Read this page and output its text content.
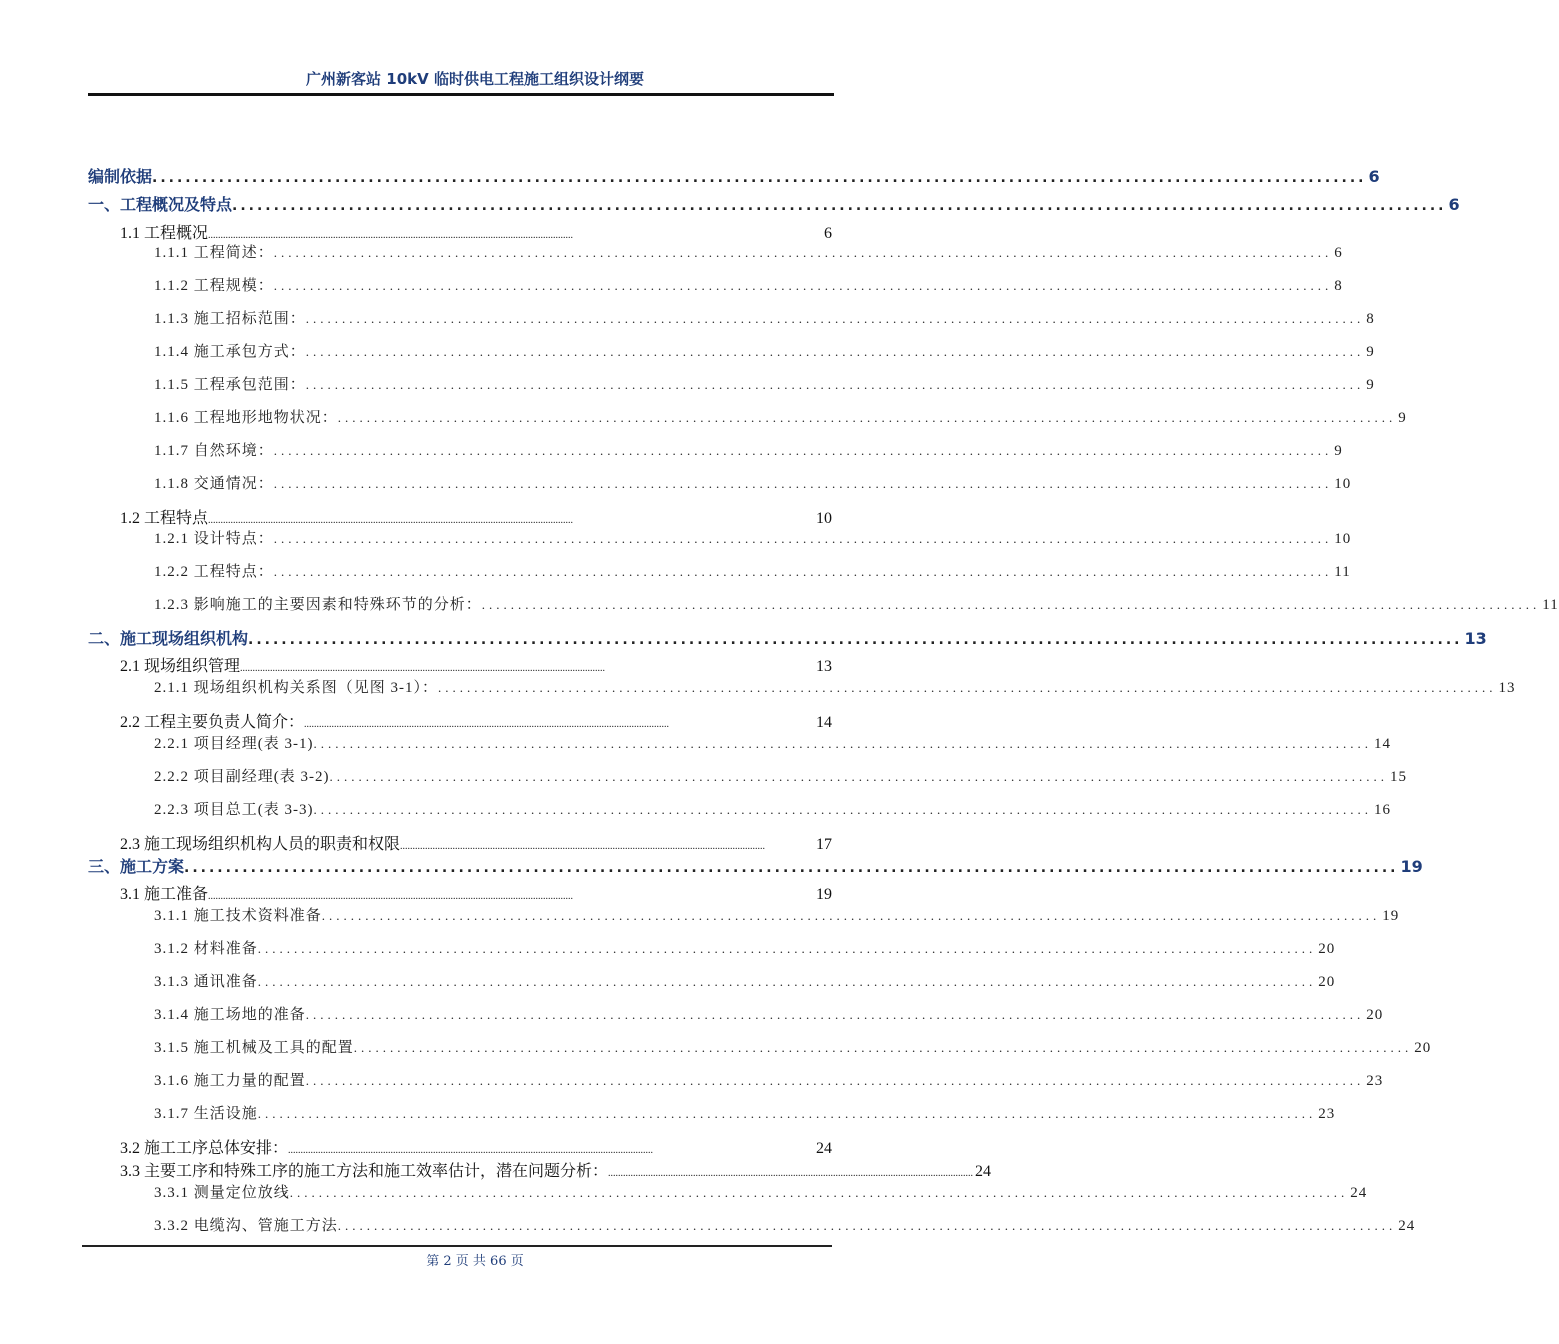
广州新客站 10kV 临时供电工程施工组织设计纲要
编制依据 .................................................................................................................................................. 6
一、工程概况及特点 .................................................................................................................................................. 6
1.1 工程概况 ..................................................................................................................................................	6
1.1.1 工程简述： .................................................................................................................................................. 6
1.1.2 工程规模： .................................................................................................................................................. 8
1.1.3 施工招标范围： .................................................................................................................................................. 8
1.1.4 施工承包方式： .................................................................................................................................................. 9
1.1.5 工程承包范围： .................................................................................................................................................. 9
1.1.6 工程地形地物状况： .................................................................................................................................................. 9
1.1.7 自然环境： .................................................................................................................................................. 9
1.1.8 交通情况： .................................................................................................................................................. 10
1.2 工程特点 ..................................................................................................................................................	10
1.2.1 设计特点： .................................................................................................................................................. 10
1.2.2 工程特点： .................................................................................................................................................. 11
1.2.3 影响施工的主要因素和特殊环节的分析： .................................................................................................................................................. 11
二、施工现场组织机构 .................................................................................................................................................. 13
2.1 现场组织管理 ..................................................................................................................................................	13
2.1.1 现场组织机构关系图（见图 3-1）： .................................................................................................................................................. 13
2.2 工程主要负责人简介： ..................................................................................................................................................	14
2.2.1 项目经理(表 3-1) .................................................................................................................................................. 14
2.2.2 项目副经理(表 3-2) .................................................................................................................................................. 15
2.2.3 项目总工(表 3-3) .................................................................................................................................................. 16
2.3 施工现场组织机构人员的职责和权限 ..................................................................................................................................................	17
三、施工方案 .................................................................................................................................................. 19
3.1 施工准备 ..................................................................................................................................................	19
3.1.1 施工技术资料准备 .................................................................................................................................................. 19
3.1.2 材料准备 .................................................................................................................................................. 20
3.1.3 通讯准备 .................................................................................................................................................. 20
3.1.4 施工场地的准备 .................................................................................................................................................. 20
3.1.5 施工机械及工具的配置 .................................................................................................................................................. 20
3.1.6 施工力量的配置 .................................................................................................................................................. 23
3.1.7 生活设施 .................................................................................................................................................. 23
3.2 施工工序总体安排： ..................................................................................................................................................	24
3.3 主要工序和特殊工序的施工方法和施工效率估计，潜在问题分析： .................................................................................................................................................. 24
3.3.1 测量定位放线 .................................................................................................................................................. 24
3.3.2 电缆沟、管施工方法 .................................................................................................................................................. 24
第 2 页 共 66 页
